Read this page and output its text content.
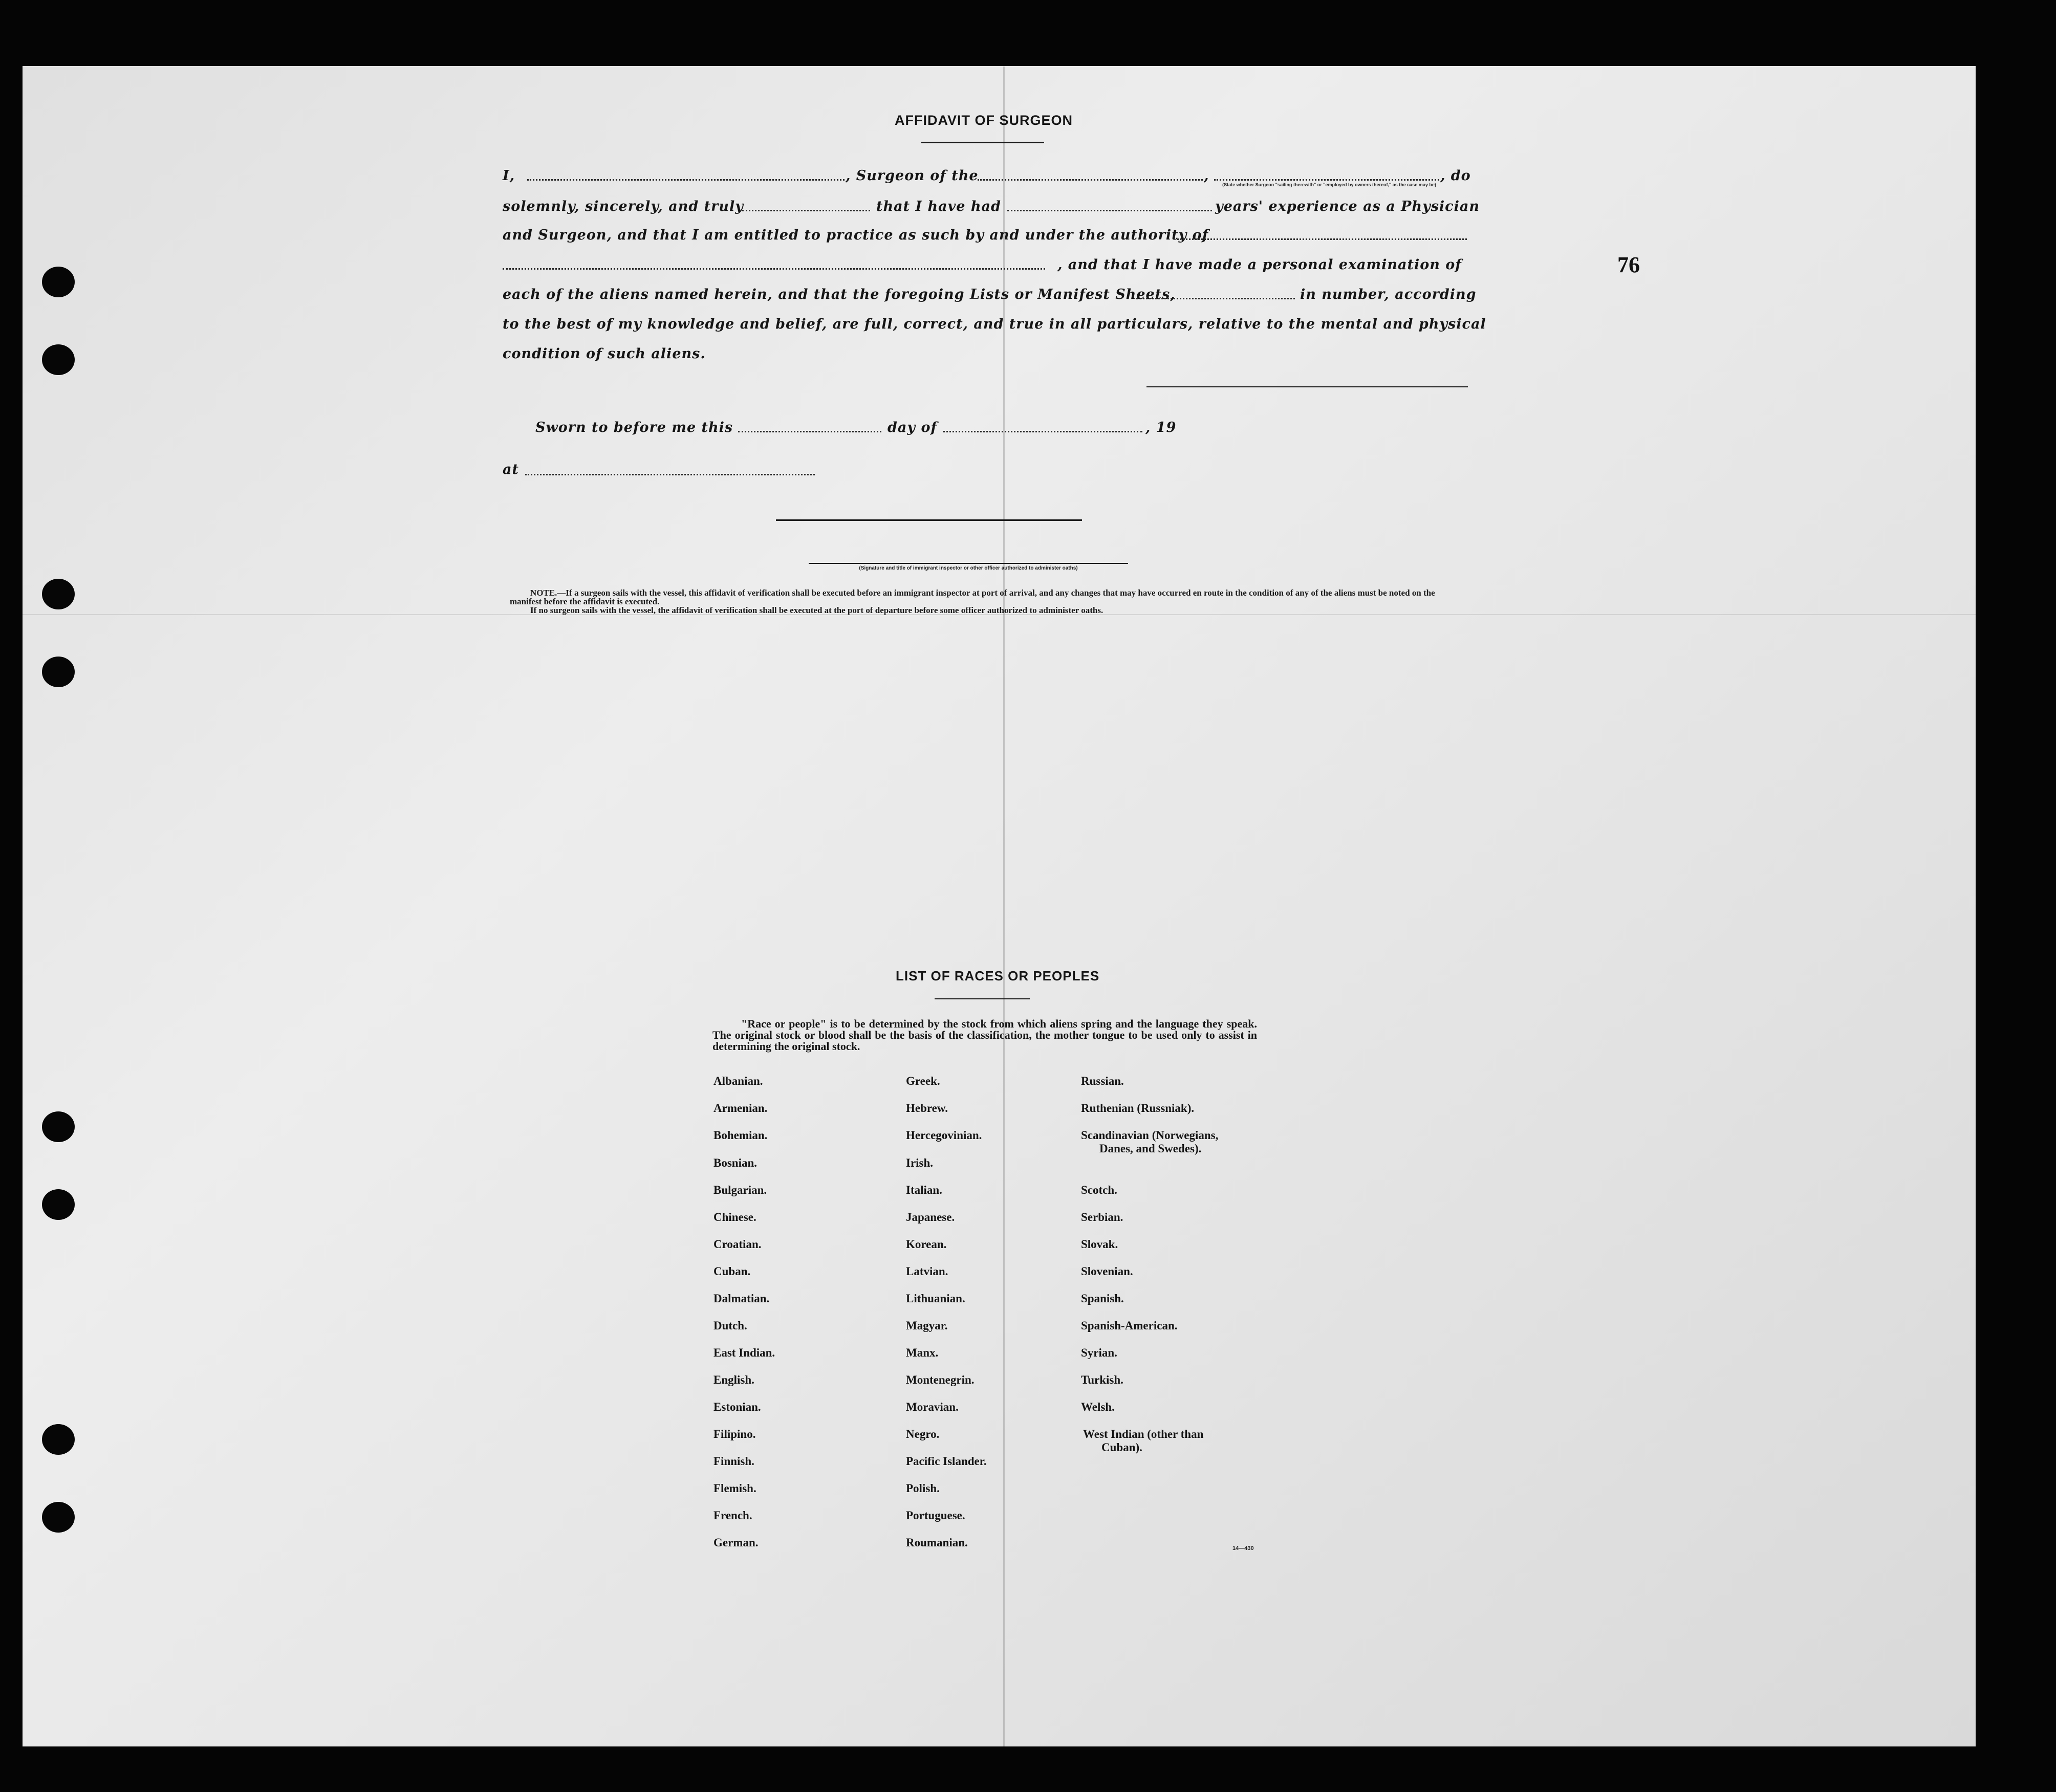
AFFIDAVIT OF SURGEON
I,	, Surgeon of the	,	, do
(State whether Surgeon "sailing therewith" or "employed by owners thereof," as the case may be)
solemnly, sincerely, and truly	that I have had	years' experience as a Physician
and Surgeon, and that I am entitled to practice as such by and under the authority of
, and that I have made a personal examination of
each of the aliens named herein, and that the foregoing Lists or Manifest Sheets,	in number, according
to the best of my knowledge and belief, are full, correct, and true in all particulars, relative to the mental and physical
condition of such aliens.
Sworn to before me this	day of	, 19
at
(Signature and title of immigrant inspector or other officer authorized to administer oaths)

NOTE.—If a surgeon sails with the vessel, this affidavit of verification shall be executed before an immigrant inspector at port of arrival, and any changes that may have occurred en route in the condition of any of the aliens must be noted on the manifest before the affidavit is executed.

If no surgeon sails with the vessel, the affidavit of verification shall be executed at the port of departure before some officer authorized to administer oaths.

76
LIST OF RACES OR PEOPLES
"Race or people" is to be determined by the stock from which aliens spring and the language they speak. The original stock or blood shall be the basis of the classification, the mother tongue to be used only to assist in determining the original stock.
Albanian.
Armenian.
Bohemian.
Bosnian.
Bulgarian.
Chinese.
Croatian.
Cuban.
Dalmatian.
Dutch.
East Indian.
English.
Estonian.
Filipino.
Finnish.
Flemish.
French.
German.
Greek.
Hebrew.
Hercegovinian.
Irish.
Italian.
Japanese.
Korean.
Latvian.
Lithuanian.
Magyar.
Manx.
Montenegrin.
Moravian.
Negro.
Pacific Islander.
Polish.
Portuguese.
Roumanian.
Russian.
Ruthenian (Russniak).
Scandinavian (Norwegians,
Danes, and Swedes).
Scotch.
Serbian.
Slovak.
Slovenian.
Spanish.
Spanish-American.
Syrian.
Turkish.
Welsh.
West Indian (other than
Cuban).
14—430
